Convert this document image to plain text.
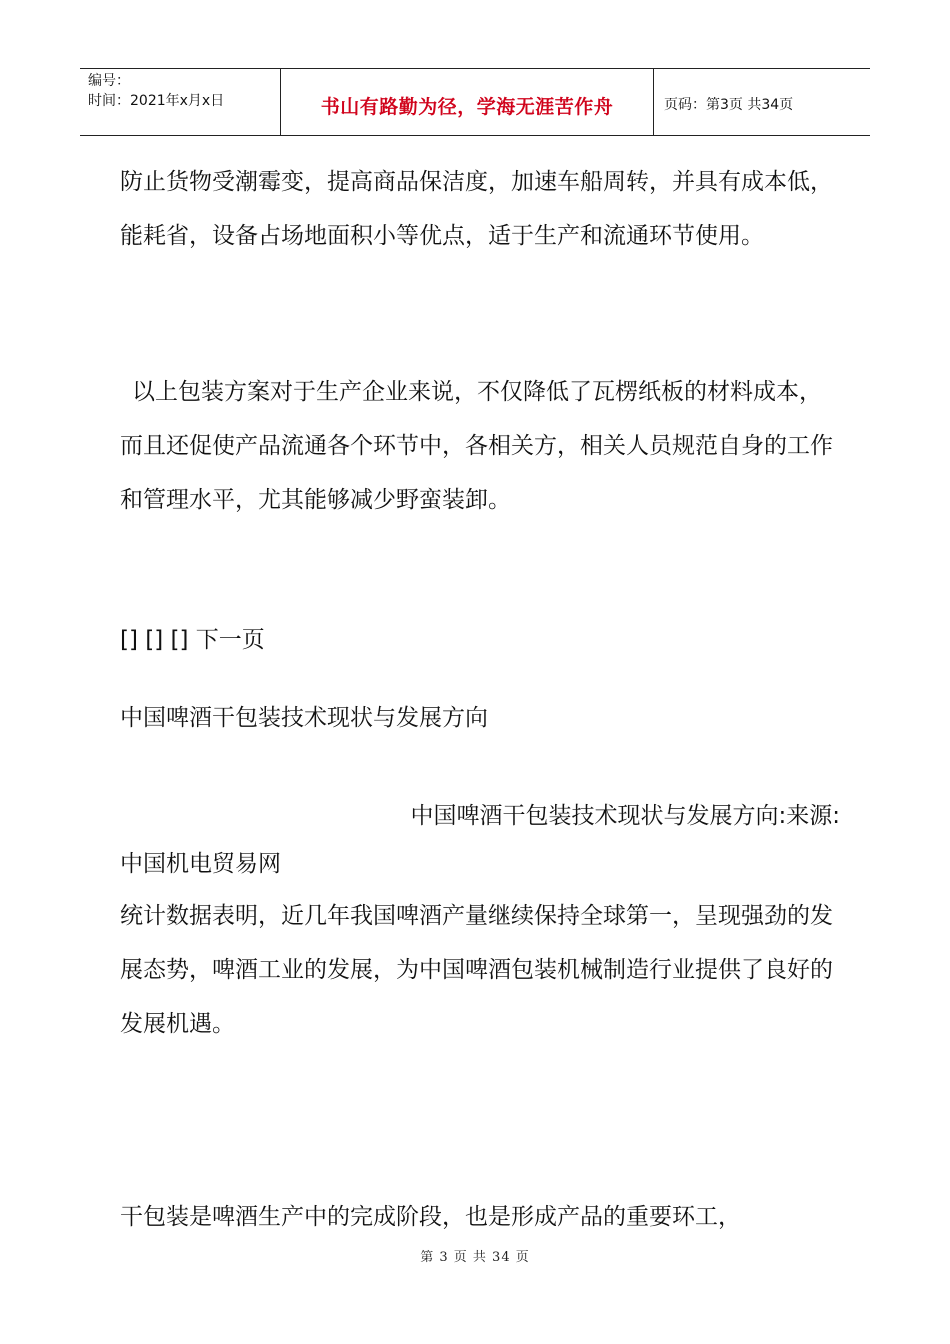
编号：
时间：2021年x月x日	书山有路勤为径，学海无涯苦作舟	页码：第3页 共34页

防止货物受潮霉变，提高商品保洁度，加速车船周转，并具有成本低，能耗省，设备占场地面积小等优点，适于生产和流通环节使用。

以上包装方案对于生产企业来说，不仅降低了瓦楞纸板的材料成本，而且还促使产品流通各个环节中，各相关方，相关人员规范自身的工作和管理水平，尤其能够减少野蛮装卸。

[] [] [] 下一页

中国啤酒干包装技术现状与发展方向

中国啤酒干包装技术现状与发展方向:来源:

中国机电贸易网

统计数据表明，近几年我国啤酒产量继续保持全球第一，呈现强劲的发展态势，啤酒工业的发展，为中国啤酒包装机械制造行业提供了良好的发展机遇。

干包装是啤酒生产中的完成阶段，也是形成产品的重要环工，

第 3 页 共 34 页
